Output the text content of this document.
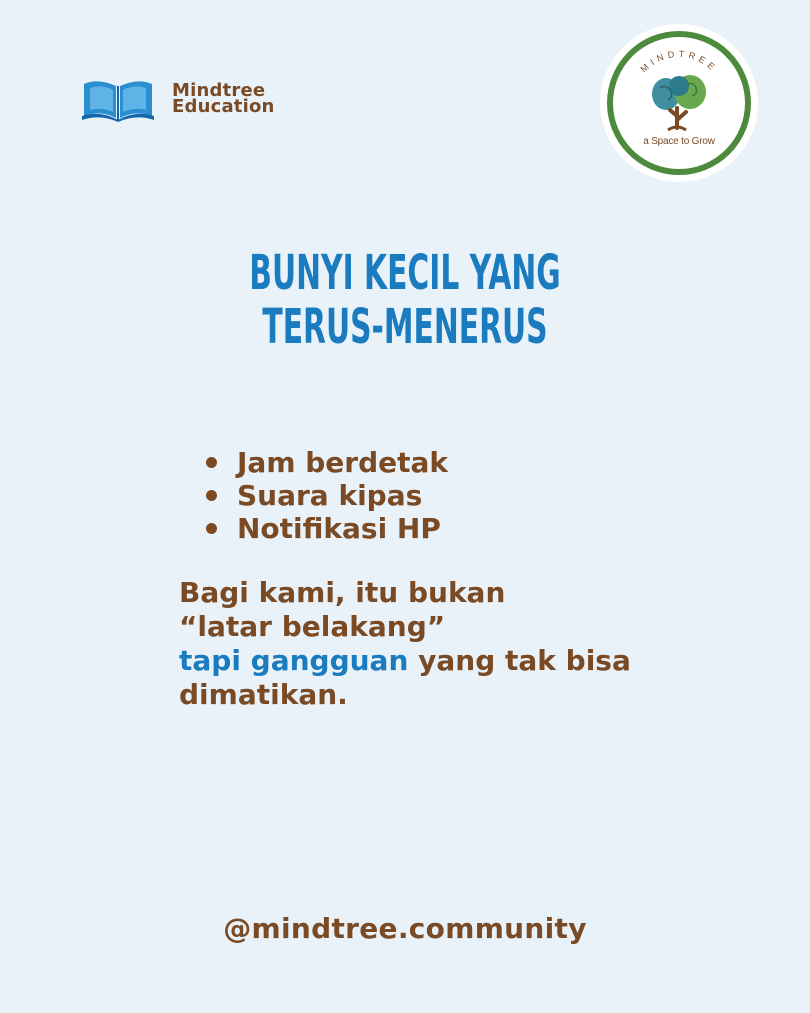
Mindtree
Education
MINDTREE
a Space to Grow
BUNYI KECIL YANG
TERUS-MENERUS
Jam berdetak
Suara kipas
Notifikasi HP
Bagi kami, itu bukan
“latar belakang”
tapi gangguan yang tak bisa
dimatikan.
@mindtree.community
